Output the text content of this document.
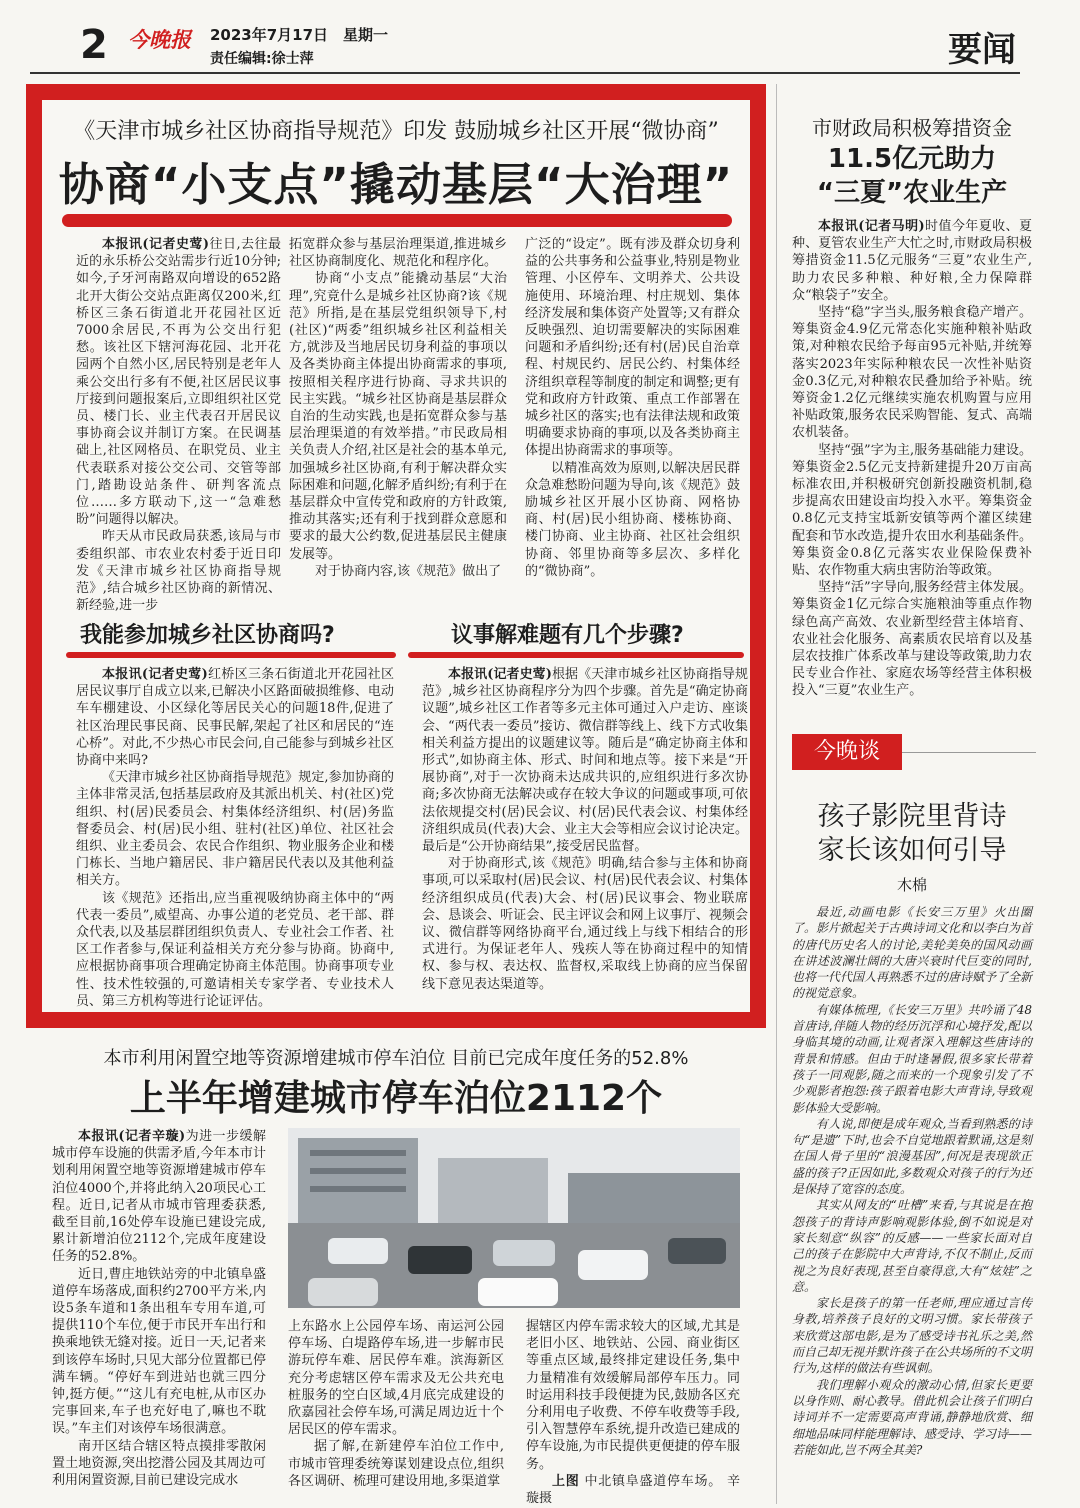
2 今晚报 2023年7月17日　星期一
责任编辑:徐士萍	要闻
《天津市城乡社区协商指导规范》印发 鼓励城乡社区开展“微协商”
协商“小支点”撬动基层“大治理”

本报讯(记者史莺)往日,去往最近的永乐桥公交站需步行近10分钟;如今,子牙河南路双向增设的652路北开大街公交站点距离仅200米,红桥区三条石街道北开花园社区近7000余居民,不再为公交出行犯愁。该社区下辖河海花园、北开花园两个自然小区,居民特别是老年人乘公交出行多有不便,社区居民议事厅接到问题报案后,立即组织社区党员、楼门长、业主代表召开居民议事协商会议并制订方案。在民调基础上,社区网格员、在职党员、业主代表联系对接公交公司、交管等部门,踏勘设站条件、研判客流点位……多方联动下,这一“急难愁盼”问题得以解决。

昨天从市民政局获悉,该局与市委组织部、市农业农村委于近日印发《天津市城乡社区协商指导规范》,结合城乡社区协商的新情况、新经验,进一步

拓宽群众参与基层治理渠道,推进城乡社区协商制度化、规范化和程序化。

协商“小支点”能撬动基层“大治理”,究竟什么是城乡社区协商?该《规范》所指,是在基层党组织领导下,村(社区)“两委”组织城乡社区利益相关方,就涉及当地居民切身利益的事项以及各类协商主体提出协商需求的事项,按照相关程序进行协商、寻求共识的民主实践。“城乡社区协商是基层群众自治的生动实践,也是拓宽群众参与基层治理渠道的有效举措。”市民政局相关负责人介绍,社区是社会的基本单元,加强城乡社区协商,有利于解决群众实际困难和问题,化解矛盾纠纷;有利于在基层群众中宣传党和政府的方针政策,推动其落实;还有利于找到群众意愿和要求的最大公约数,促进基层民主健康发展等。

对于协商内容,该《规范》做出了

广泛的“设定”。既有涉及群众切身利益的公共事务和公益事业,特别是物业管理、小区停车、文明养犬、公共设施使用、环境治理、村庄规划、集体经济发展和集体资产处置等;又有群众反映强烈、迫切需要解决的实际困难问题和矛盾纠纷;还有村(居)民自治章程、村规民约、居民公约、村集体经济组织章程等制度的制定和调整;更有党和政府方针政策、重点工作部署在城乡社区的落实;也有法律法规和政策明确要求协商的事项,以及各类协商主体提出协商需求的事项等。

以精准高效为原则,以解决居民群众急难愁盼问题为导向,该《规范》鼓励城乡社区开展小区协商、网格协商、村(居)民小组协商、楼栋协商、楼门协商、业主协商、社区社会组织协商、邻里协商等多层次、多样化的“微协商”。

我能参加城乡社区协商吗?	议事解难题有几个步骤?

本报讯(记者史莺)红桥区三条石街道北开花园社区居民议事厅自成立以来,已解决小区路面破损维修、电动车车棚建设、小区绿化等居民关心的问题18件,促进了社区治理民事民商、民事民解,架起了社区和居民的“连心桥”。对此,不少热心市民会问,自己能参与到城乡社区协商中来吗?

《天津市城乡社区协商指导规范》规定,参加协商的主体非常灵活,包括基层政府及其派出机关、村(社区)党组织、村(居)民委员会、村集体经济组织、村(居)务监督委员会、村(居)民小组、驻村(社区)单位、社区社会组织、业主委员会、农民合作组织、物业服务企业和楼门栋长、当地户籍居民、非户籍居民代表以及其他利益相关方。

该《规范》还指出,应当重视吸纳协商主体中的“两代表一委员”,威望高、办事公道的老党员、老干部、群众代表,以及基层群团组织负责人、专业社会工作者、社区工作者参与,保证利益相关方充分参与协商。协商中,应根据协商事项合理确定协商主体范围。协商事项专业性、技术性较强的,可邀请相关专家学者、专业技术人员、第三方机构等进行论证评估。

本报讯(记者史莺)根据《天津市城乡社区协商指导规范》,城乡社区协商程序分为四个步骤。首先是“确定协商议题”,城乡社区工作者等多元主体可通过入户走访、座谈会、“两代表一委员”接访、微信群等线上、线下方式收集相关利益方提出的议题建议等。随后是“确定协商主体和形式”,如协商主体、形式、时间和地点等。接下来是“开展协商”,对于一次协商未达成共识的,应组织进行多次协商;多次协商无法解决或存在较大争议的问题或事项,可依法依规提交村(居)民会议、村(居)民代表会议、村集体经济组织成员(代表)大会、业主大会等相应会议讨论决定。最后是“公开协商结果”,接受居民监督。

对于协商形式,该《规范》明确,结合参与主体和协商事项,可以采取村(居)民会议、村(居)民代表会议、村集体经济组织成员(代表)大会、村(居)民议事会、物业联席会、恳谈会、听证会、民主评议会和网上议事厅、视频会议、微信群等网络协商平台,通过线上与线下相结合的形式进行。为保证老年人、残疾人等在协商过程中的知情权、参与权、表达权、监督权,采取线上协商的应当保留线下意见表达渠道等。

市财政局积极筹措资金
11.5亿元助力
“三夏”农业生产

本报讯(记者马明)时值今年夏收、夏种、夏管农业生产大忙之时,市财政局积极筹措资金11.5亿元服务“三夏”农业生产,助力农民多种粮、种好粮,全力保障群众“粮袋子”安全。

坚持“稳”字当头,服务粮食稳产增产。筹集资金4.9亿元常态化实施种粮补贴政策,对种粮农民给予每亩95元补贴,并统筹落实2023年实际种粮农民一次性补贴资金0.3亿元,对种粮农民叠加给予补贴。统筹资金1.2亿元继续实施农机购置与应用补贴政策,服务农民采购智能、复式、高端农机装备。

坚持“强”字为主,服务基础能力建设。筹集资金2.5亿元支持新建提升20万亩高标准农田,并积极研究创新投融资机制,稳步提高农田建设亩均投入水平。筹集资金0.8亿元支持宝坻新安镇等两个灌区续建配套和节水改造,提升农田水利基础条件。筹集资金0.8亿元落实农业保险保费补贴、农作物重大病虫害防治等政策。

坚持“活”字导向,服务经营主体发展。筹集资金1亿元综合实施粮油等重点作物绿色高产高效、农业新型经营主体培育、农业社会化服务、高素质农民培育以及基层农技推广体系改革与建设等政策,助力农民专业合作社、家庭农场等经营主体积极投入“三夏”农业生产。

今晚谈
孩子影院里背诗
家长该如何引导
木棉

最近,动画电影《长安三万里》火出圈了。影片掀起关于古典诗词文化和以李白为首的唐代历史名人的讨论,美轮美奂的国风动画在讲述波澜壮阔的大唐兴衰时代巨变的同时,也将一代代国人再熟悉不过的唐诗赋予了全新的视觉意象。

有媒体梳理,《长安三万里》共吟诵了48首唐诗,伴随人物的经历沉浮和心境抒发,配以身临其境的动画,让观者深入理解这些唐诗的背景和情感。但由于时逢暑假,很多家长带着孩子一同观影,随之而来的一个现象引发了不少观影者抱怨:孩子跟着电影大声背诗,导致观影体验大受影响。

有人说,即便是成年观众,当看到熟悉的诗句“是遗”下时,也会不自觉地跟着默诵,这是刻在国人骨子里的“浪漫基因”,何况是表现欲正盛的孩子?正因如此,多数观众对孩子的行为还是保持了宽容的态度。

其实从网友的“吐槽”来看,与其说是在抱怨孩子的背诗声影响观影体验,倒不如说是对家长刻意“纵容”的反感——一些家长面对自己的孩子在影院中大声背诗,不仅不制止,反而视之为良好表现,甚至自豪得意,大有“炫娃”之意。

家长是孩子的第一任老师,理应通过言传身教,培养孩子良好的文明习惯。家长带孩子来欣赏这部电影,是为了感受诗书礼乐之美,然而自己却无视并默许孩子在公共场所的不文明行为,这样的做法有些讽刺。

我们理解小观众的激动心情,但家长更要以身作则、耐心教导。借此机会让孩子们明白诗词并不一定需要高声背诵,静静地欣赏、细细地品味同样能理解诗、感受诗、学习诗——若能如此,岂不两全其美?

本市利用闲置空地等资源增建城市停车泊位 目前已完成年度任务的52.8%
上半年增建城市停车泊位2112个

本报讯(记者辛璇)为进一步缓解城市停车设施的供需矛盾,今年本市计划利用闲置空地等资源增建城市停车泊位4000个,并将此纳入20项民心工程。近日,记者从市城市管理委获悉,截至目前,16处停车设施已建设完成,累计新增泊位2112个,完成年度建设任务的52.8%。

近日,曹庄地铁站旁的中北镇阜盛道停车场落成,面积约2700平方米,内设5条车道和1条出租车专用车道,可提供110个车位,便于市民开车出行和换乘地铁无缝对接。近日一天,记者来到该停车场时,只见大部分位置都已停满车辆。“停好车到进站也就三四分钟,挺方便。”“这儿有充电桩,从市区办完事回来,车子也充好电了,嘛也不耽误。”车主们对该停车场很满意。

南开区结合辖区特点摸排零散闲置土地资源,突出挖潜公园及其周边可利用闲置资源,目前已建设完成水

上东路水上公园停车场、南运河公园停车场、白堤路停车场,进一步解市民游玩停车难、居民停车难。滨海新区充分考虑辖区停车需求及无公共充电桩服务的空白区域,4月底完成建设的欣嘉园社会停车场,可满足周边近十个居民区的停车需求。

据了解,在新建停车泊位工作中,市城市管理委统筹谋划建设点位,组织各区调研、梳理可建设用地,多渠道掌

握辖区内停车需求较大的区域,尤其是老旧小区、地铁站、公园、商业街区等重点区域,最终排定建设任务,集中力量精准有效缓解局部停车压力。同时运用科技手段便捷为民,鼓励各区充分利用电子收费、不停车收费等手段,引入智慧停车系统,提升改造已建成的停车设施,为市民提供更便捷的停车服务。

上图 中北镇阜盛道停车场。 辛璇摄
